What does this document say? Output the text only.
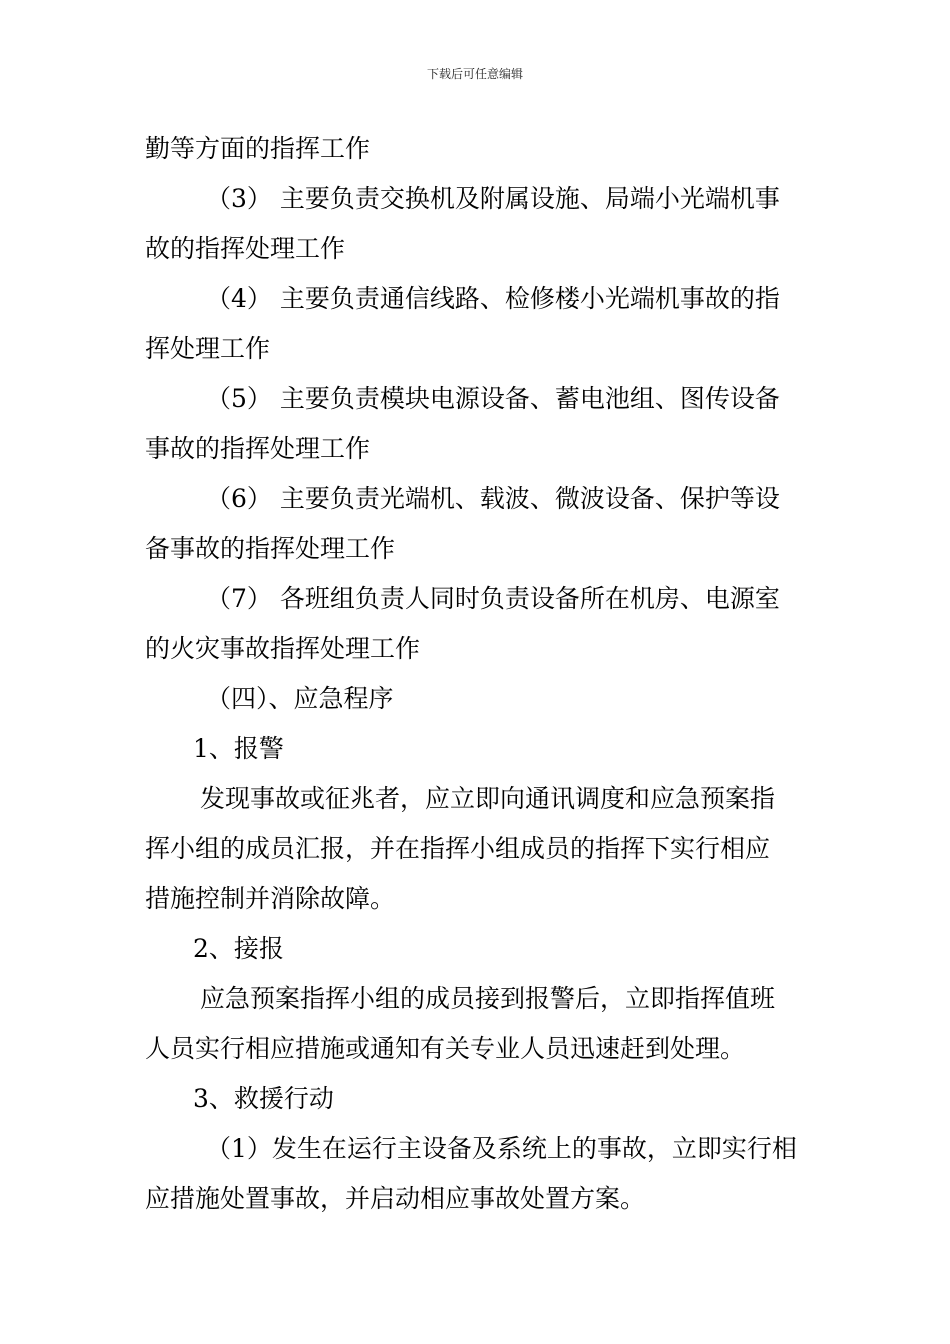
下载后可任意编辑
勤等方面的指挥工作
（3） 主要负责交换机及附属设施、局端小光端机事
故的指挥处理工作
（4） 主要负责通信线路、检修楼小光端机事故的指
挥处理工作
（5） 主要负责模块电源设备、蓄电池组、图传设备
事故的指挥处理工作
（6） 主要负责光端机、载波、微波设备、保护等设
备事故的指挥处理工作
（7） 各班组负责人同时负责设备所在机房、电源室
的火灾事故指挥处理工作
（四）、应急程序
1、报警
发现事故或征兆者，应立即向通讯调度和应急预案指
挥小组的成员汇报，并在指挥小组成员的指挥下实行相应
措施控制并消除故障。
2、接报
应急预案指挥小组的成员接到报警后，立即指挥值班
人员实行相应措施或通知有关专业人员迅速赶到处理。
3、救援行动
（1）发生在运行主设备及系统上的事故，立即实行相
应措施处置事故，并启动相应事故处置方案。
